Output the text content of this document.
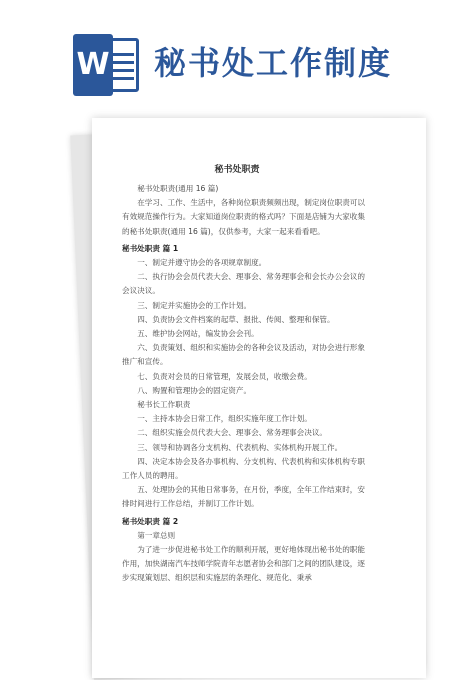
W 秘书处工作制度
秘书处职责

秘书处职责(通用 16 篇)

在学习、工作、生活中，各种岗位职责频频出现，制定岗位职责可以有效规范操作行为。大家知道岗位职责的格式吗？下面是店铺为大家收集的秘书处职责(通用 16 篇)，仅供参考，大家一起来看看吧。

秘书处职责 篇 1

一、制定并遵守协会的各项规章制度。

二、执行协会会员代表大会、理事会、常务理事会和会长办公会议的会议决议。

三、制定并实施协会的工作计划。

四、负责协会文件档案的起草、报批、传阅、整理和保管。

五、维护协会网站，编发协会会刊。

六、负责策划、组织和实施协会的各种会议及活动，对协会进行形象推广和宣传。

七、负责对会员的日常管理，发展会员，收缴会费。

八、购置和管理协会的固定资产。

秘书长工作职责

一、主持本协会日常工作，组织实施年度工作计划。

二、组织实施会员代表大会、理事会、常务理事会决议。

三、领导和协调各分支机构、代表机构、实体机构开展工作。

四、决定本协会及各办事机构、分支机构、代表机构和实体机构专职工作人员的聘用。

五、处理协会的其他日常事务，在月份，季度，全年工作结束时，安排时间进行工作总结，并制订工作计划。

秘书处职责 篇 2

第一章总则

为了进一步促进秘书处工作的顺利开展，更好地体现出秘书处的职能作用，加快湖南汽车技师学院青年志愿者协会和部门之间的团队建设，逐步实现策划层、组织层和实施层的条理化、规范化、秉承
